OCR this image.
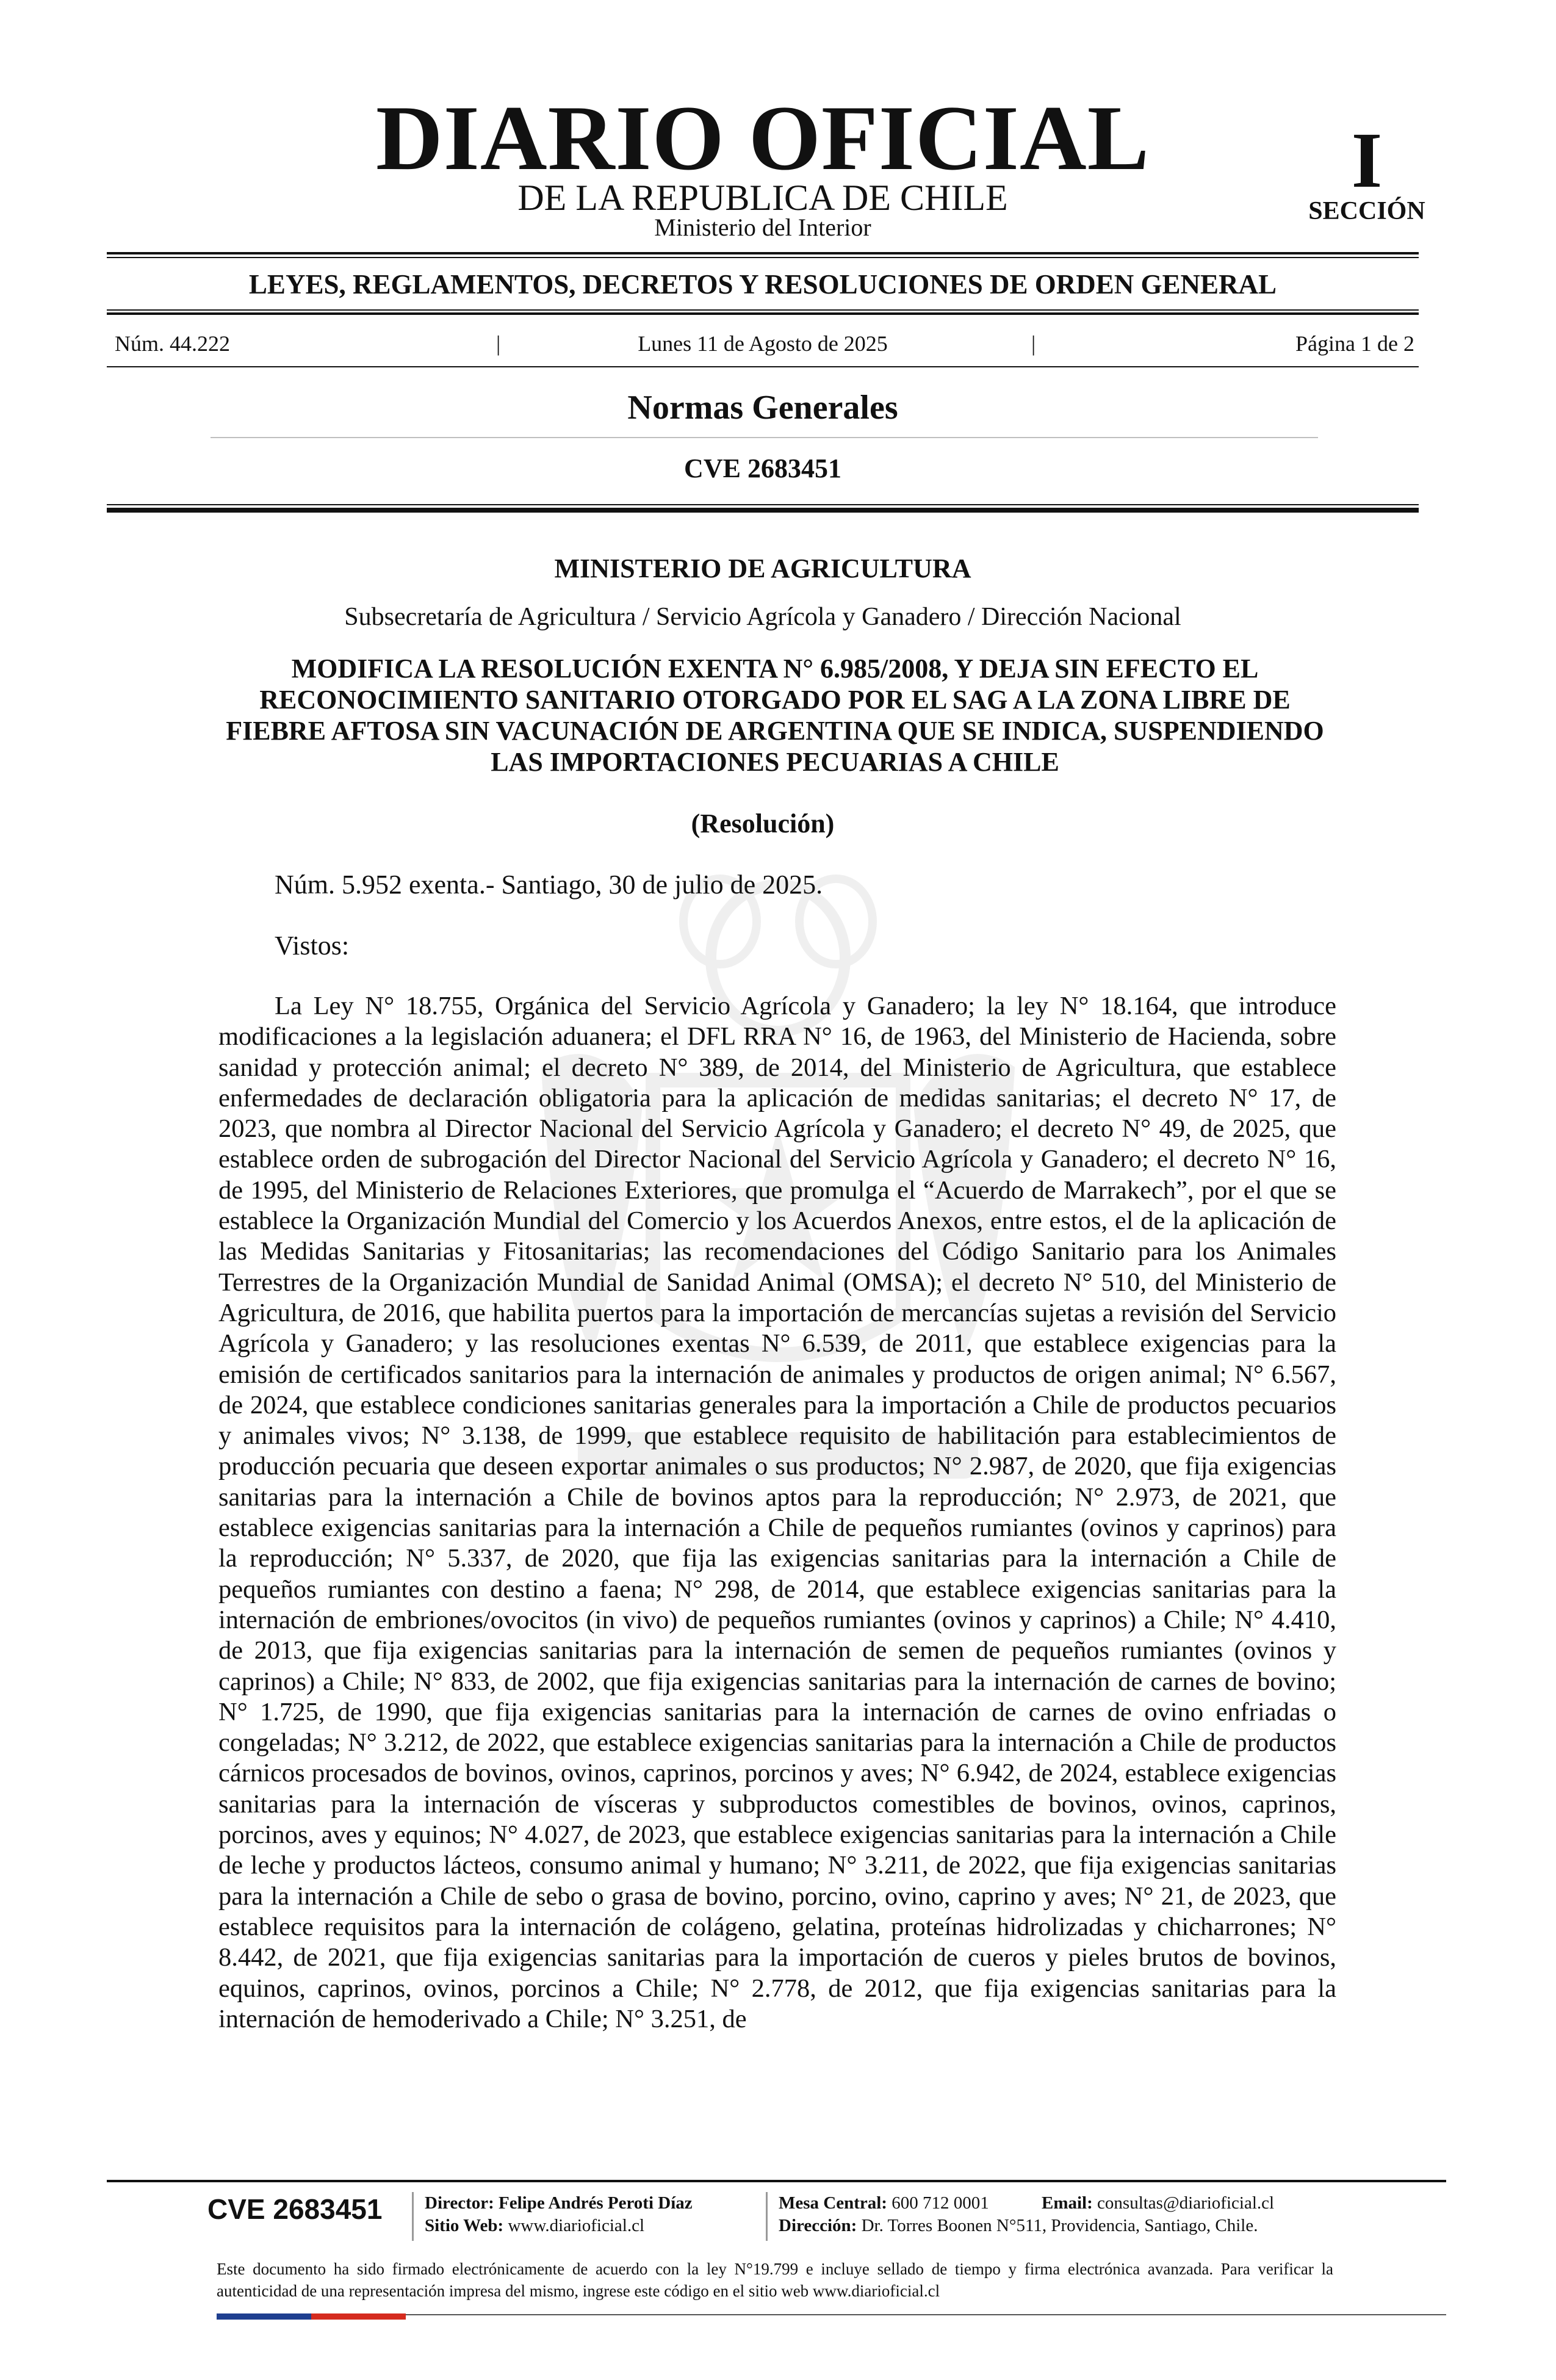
DIARIO OFICIAL
DE LA REPUBLICA DE CHILE
Ministerio del Interior
I
SECCIÓN
LEYES, REGLAMENTOS, DECRETOS Y RESOLUCIONES DE ORDEN GENERAL
Núm. 44.222	|	Lunes 11 de Agosto de 2025	|	Página 1 de 2
Normas Generales
CVE 2683451
MINISTERIO DE AGRICULTURA
Subsecretaría de Agricultura / Servicio Agrícola y Ganadero / Dirección Nacional
MODIFICA LA RESOLUCIÓN EXENTA N° 6.985/2008, Y DEJA SIN EFECTO EL RECONOCIMIENTO SANITARIO OTORGADO POR EL SAG A LA ZONA LIBRE DE FIEBRE AFTOSA SIN VACUNACIÓN DE ARGENTINA QUE SE INDICA, SUSPENDIENDO LAS IMPORTACIONES PECUARIAS A CHILE
(Resolución)
Núm. 5.952 exenta.- Santiago, 30 de julio de 2025.
Vistos:
La Ley N° 18.755, Orgánica del Servicio Agrícola y Ganadero; la ley N° 18.164, que introduce modificaciones a la legislación aduanera; el DFL RRA N° 16, de 1963, del Ministerio de Hacienda, sobre sanidad y protección animal; el decreto N° 389, de 2014, del Ministerio de Agricultura, que establece enfermedades de declaración obligatoria para la aplicación de medidas sanitarias; el decreto N° 17, de 2023, que nombra al Director Nacional del Servicio Agrícola y Ganadero; el decreto N° 49, de 2025, que establece orden de subrogación del Director Nacional del Servicio Agrícola y Ganadero; el decreto N° 16, de 1995, del Ministerio de Relaciones Exteriores, que promulga el “Acuerdo de Marrakech”, por el que se establece la Organización Mundial del Comercio y los Acuerdos Anexos, entre estos, el de la aplicación de las Medidas Sanitarias y Fitosanitarias; las recomendaciones del Código Sanitario para los Animales Terrestres de la Organización Mundial de Sanidad Animal (OMSA); el decreto N° 510, del Ministerio de Agricultura, de 2016, que habilita puertos para la importación de mercancías sujetas a revisión del Servicio Agrícola y Ganadero; y las resoluciones exentas N° 6.539, de 2011, que establece exigencias para la emisión de certificados sanitarios para la internación de animales y productos de origen animal; N° 6.567, de 2024, que establece condiciones sanitarias generales para la importación a Chile de productos pecuarios y animales vivos; N° 3.138, de 1999, que establece requisito de habilitación para establecimientos de producción pecuaria que deseen exportar animales o sus productos; N° 2.987, de 2020, que fija exigencias sanitarias para la internación a Chile de bovinos aptos para la reproducción; N° 2.973, de 2021, que establece exigencias sanitarias para la internación a Chile de pequeños rumiantes (ovinos y caprinos) para la reproducción; N° 5.337, de 2020, que fija las exigencias sanitarias para la internación a Chile de pequeños rumiantes con destino a faena; N° 298, de 2014, que establece exigencias sanitarias para la internación de embriones/ovocitos (in vivo) de pequeños rumiantes (ovinos y caprinos) a Chile; N° 4.410, de 2013, que fija exigencias sanitarias para la internación de semen de pequeños rumiantes (ovinos y caprinos) a Chile; N° 833, de 2002, que fija exigencias sanitarias para la internación de carnes de bovino; N° 1.725, de 1990, que fija exigencias sanitarias para la internación de carnes de ovino enfriadas o congeladas; N° 3.212, de 2022, que establece exigencias sanitarias para la internación a Chile de productos cárnicos procesados de bovinos, ovinos, caprinos, porcinos y aves; N° 6.942, de 2024, establece exigencias sanitarias para la internación de vísceras y subproductos comestibles de bovinos, ovinos, caprinos, porcinos, aves y equinos; N° 4.027, de 2023, que establece exigencias sanitarias para la internación a Chile de leche y productos lácteos, consumo animal y humano; N° 3.211, de 2022, que fija exigencias sanitarias para la internación a Chile de sebo o grasa de bovino, porcino, ovino, caprino y aves; N° 21, de 2023, que establece requisitos para la internación de colágeno, gelatina, proteínas hidrolizadas y chicharrones; N° 8.442, de 2021, que fija exigencias sanitarias para la importación de cueros y pieles brutos de bovinos, equinos, caprinos, ovinos, porcinos a Chile; N° 2.778, de 2012, que fija exigencias sanitarias para la internación de hemoderivado a Chile; N° 3.251, de
CVE 2683451 Director: Felipe Andrés Peroti Díaz
Sitio Web: www.diarioficial.cl
Mesa Central: 600 712 0001	Email: consultas@diarioficial.cl
Dirección: Dr. Torres Boonen N°511, Providencia, Santiago, Chile.
Este documento ha sido firmado electrónicamente de acuerdo con la ley N°19.799 e incluye sellado de tiempo y firma electrónica avanzada. Para verificar la autenticidad de una representación impresa del mismo, ingrese este código en el sitio web www.diarioficial.cl
